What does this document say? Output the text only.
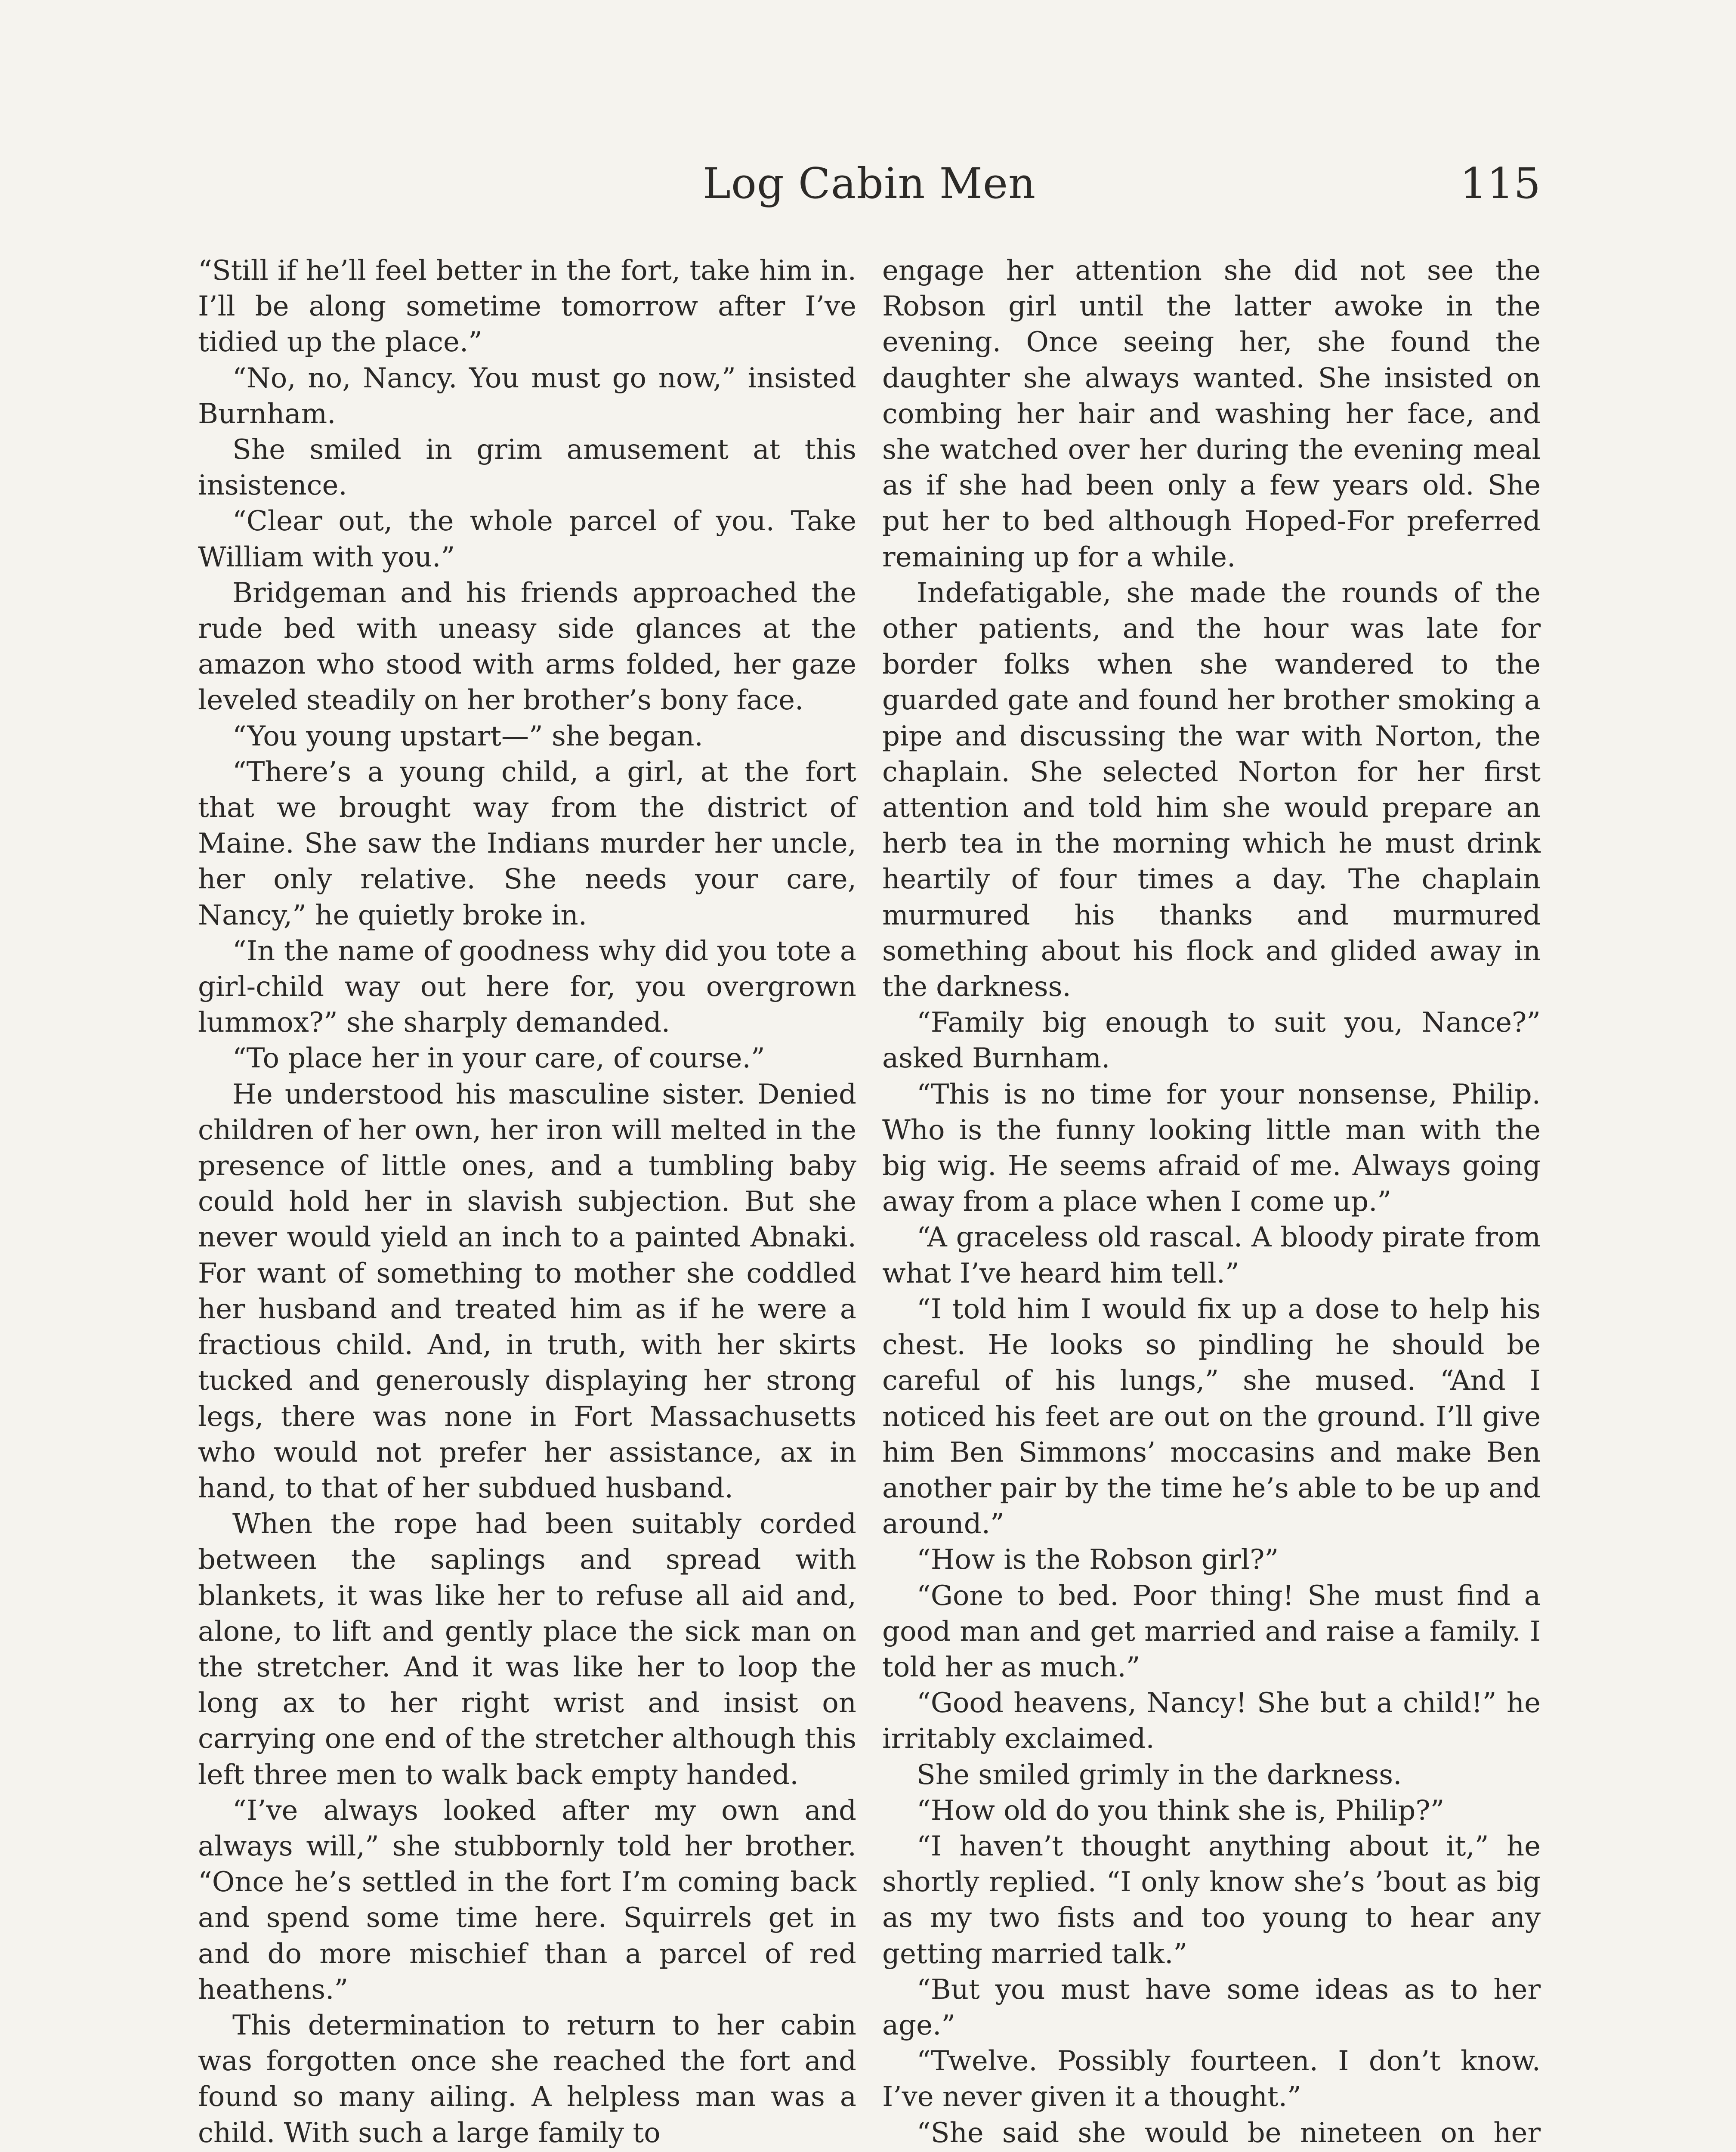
Log Cabin Men	115

“Still if he’ll feel better in the fort, take him in. I’ll be along sometime tomorrow after I’ve tidied up the place.”

“No, no, Nancy. You must go now,” insisted Burnham.

She smiled in grim amusement at this insistence.

“Clear out, the whole parcel of you. Take William with you.”

Bridgeman and his friends approached the rude bed with uneasy side glances at the amazon who stood with arms folded, her gaze leveled steadily on her brother’s bony face.

“You young upstart—” she began.

“There’s a young child, a girl, at the fort that we brought way from the district of Maine. She saw the Indians murder her uncle, her only relative. She needs your care, Nancy,” he quietly broke in.

“In the name of goodness why did you tote a girl-child way out here for, you overgrown lummox?” she sharply demanded.

“To place her in your care, of course.”

He understood his masculine sister. Denied children of her own, her iron will melted in the presence of little ones, and a tumbling baby could hold her in slavish subjection. But she never would yield an inch to a painted Abnaki. For want of something to mother she coddled her husband and treated him as if he were a fractious child. And, in truth, with her skirts tucked and generously displaying her strong legs, there was none in Fort Massachusetts who would not prefer her assistance, ax in hand, to that of her subdued husband.

When the rope had been suitably corded between the saplings and spread with blankets, it was like her to refuse all aid and, alone, to lift and gently place the sick man on the stretcher. And it was like her to loop the long ax to her right wrist and insist on carrying one end of the stretcher although this left three men to walk back empty handed.

“I’ve always looked after my own and always will,” she stubbornly told her brother. “Once he’s settled in the fort I’m coming back and spend some time here. Squirrels get in and do more mischief than a parcel of red heathens.”

This determination to return to her cabin was forgotten once she reached the fort and found so many ailing. A helpless man was a child. With such a large family to

engage her attention she did not see the Robson girl until the latter awoke in the evening. Once seeing her, she found the daughter she always wanted. She insisted on combing her hair and washing her face, and she watched over her during the evening meal as if she had been only a few years old. She put her to bed although Hoped-For preferred remaining up for a while.

Indefatigable, she made the rounds of the other patients, and the hour was late for border folks when she wandered to the guarded gate and found her brother smoking a pipe and discussing the war with Norton, the chaplain. She selected Norton for her first attention and told him she would prepare an herb tea in the morning which he must drink heartily of four times a day. The chaplain murmured his thanks and murmured something about his flock and glided away in the darkness.

“Family big enough to suit you, Nance?” asked Burnham.

“This is no time for your nonsense, Philip. Who is the funny looking little man with the big wig. He seems afraid of me. Always going away from a place when I come up.”

“A graceless old rascal. A bloody pirate from what I’ve heard him tell.”

“I told him I would fix up a dose to help his chest. He looks so pindling he should be careful of his lungs,” she mused. “And I noticed his feet are out on the ground. I’ll give him Ben Simmons’ moccasins and make Ben another pair by the time he’s able to be up and around.”

“How is the Robson girl?”

“Gone to bed. Poor thing! She must find a good man and get married and raise a family. I told her as much.”

“Good heavens, Nancy! She but a child!” he irritably exclaimed.

She smiled grimly in the darkness.

“How old do you think she is, Philip?”

“I haven’t thought anything about it,” he shortly replied. “I only know she’s ’bout as big as my two fists and too young to hear any getting married talk.”

“But you must have some ideas as to her age.”

“Twelve. Possibly fourteen. I don’t know. I’ve never given it a thought.”

“She said she would be nineteen on her
